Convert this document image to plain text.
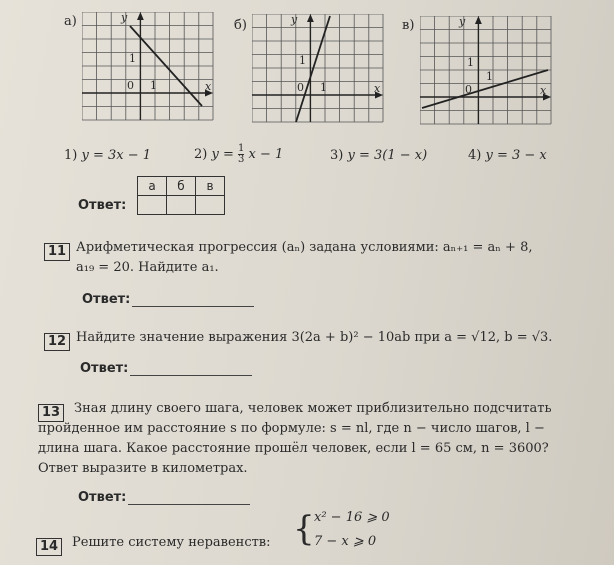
а)	y
x
1
0 1
б)	y
x
1
0 1
в)	y
x
1
0
1
1) y = 3x − 1	2) $y = \frac{1}{3}$ x − 1	3) y = 3(1 − x)	4) y = 3 − x
Ответ:
а	б	в

11 Арифметическая прогрессия (aₙ) задана условиями: aₙ₊₁ = aₙ + 8,
a₁₉ = 20. Найдите a₁.
Ответ:
12 Найдите значение выражения 3(2a + b)² − 10ab при a = √12, b = √3.
Ответ:
13	Зная длину своего шага, человек может приблизительно подсчитать
пройденное им расстояние s по формуле: s = nl, где n − число шагов, l −
длина шага. Какое расстояние прошёл человек, если l = 65 см, n = 3600?
Ответ выразите в километрах.
Ответ:
14	Решите систему неравенств: { x² − 16 ⩾ 0
7 − x ⩾ 0
